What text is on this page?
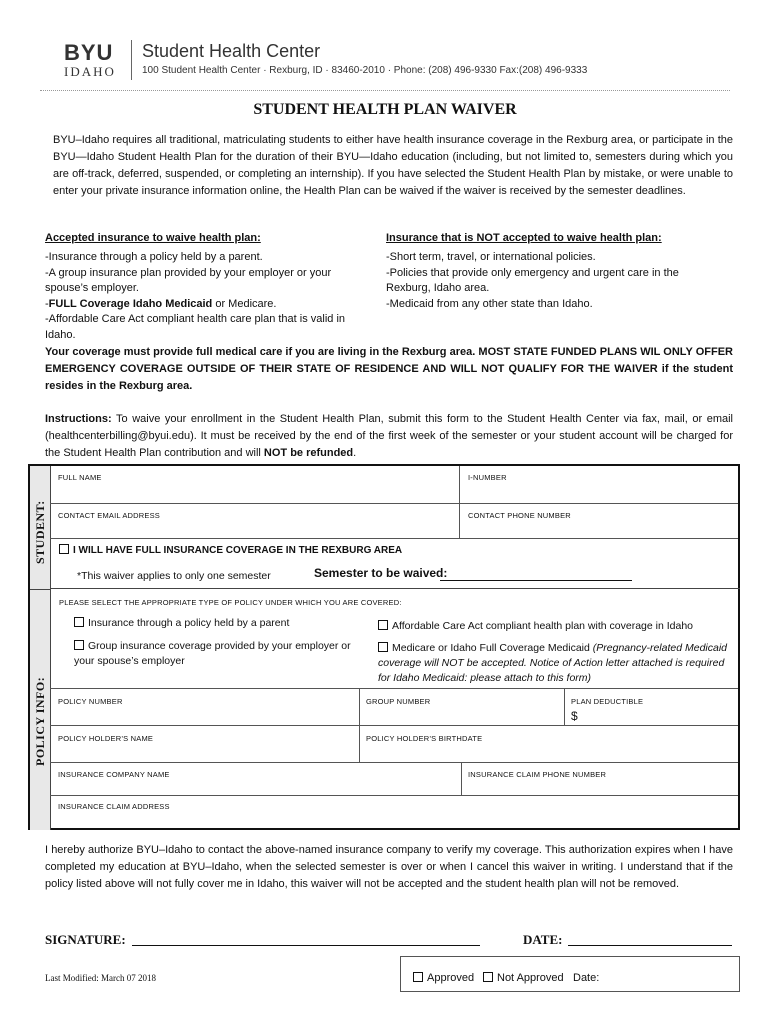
BYU
IDAHO
Student Health Center
100 Student Health Center · Rexburg, ID · 83460-2010 · Phone: (208) 496-9330 Fax:(208) 496-9333
STUDENT HEALTH PLAN WAIVER
BYU–Idaho requires all traditional, matriculating students to either have health insurance coverage in the Rexburg area, or participate in the BYU—Idaho Student Health Plan for the duration of their BYU—Idaho education (including, but not limited to, semesters during which you are off-track, deferred, suspended, or completing an internship). If you have selected the Student Health Plan by mistake, or were unable to enter your private insurance information online, the Health Plan can be waived if the waiver is received by the semester deadlines.
Accepted insurance to waive health plan:
-Insurance through a policy held by a parent.
-A group insurance plan provided by your employer or your spouse’s employer.
-FULL Coverage Idaho Medicaid or Medicare.
-Affordable Care Act compliant health care plan that is valid in Idaho.
Insurance that is NOT accepted to waive health plan:
-Short term, travel, or international policies.
-Policies that provide only emergency and urgent care in the Rexburg, Idaho area.
-Medicaid from any other state than Idaho.
Your coverage must provide full medical care if you are living in the Rexburg area. MOST STATE FUNDED PLANS WIL ONLY OFFER EMERGENCY COVERAGE OUTSIDE OF THEIR STATE OF RESIDENCE AND WILL NOT QUALIFY FOR THE WAIVER if the student resides in the Rexburg area.
Instructions: To waive your enrollment in the Student Health Plan, submit this form to the Student Health Center via fax, mail, or email (healthcenterbilling@byui.edu). It must be received by the end of the first week of the semester or your student account will be charged for the Student Health Plan contribution and will NOT be refunded.
STUDENT:
POLICY INFO:
FULL NAME	I-NUMBER
CONTACT EMAIL ADDRESS	CONTACT PHONE NUMBER
I WILL HAVE FULL INSURANCE COVERAGE IN THE REXBURG AREA
*This waiver applies to only one semester	Semester to be waived:
PLEASE SELECT THE APPROPRIATE TYPE OF POLICY UNDER WHICH YOU ARE COVERED:
Insurance through a policy held by a parent
Group insurance coverage provided by your employer or your spouse’s employer
Affordable Care Act compliant health plan with coverage in Idaho
Medicare or Idaho Full Coverage Medicaid (Pregnancy-related Medicaid coverage will NOT be accepted. Notice of Action letter attached is required for Idaho Medicaid: please attach to this form)
POLICY NUMBER	GROUP NUMBER	PLAN DEDUCTIBLE
$
POLICY HOLDER’S NAME	POLICY HOLDER’S BIRTHDATE
INSURANCE COMPANY NAME	INSURANCE CLAIM PHONE NUMBER
INSURANCE CLAIM ADDRESS
I hereby authorize BYU–Idaho to contact the above-named insurance company to verify my coverage. This authorization expires when I have completed my education at BYU–Idaho, when the selected semester is over or when I cancel this waiver in writing. I understand that if the policy listed above will not fully cover me in Idaho, this waiver will not be accepted and the student health plan will not be removed.
SIGNATURE:	DATE:
Last Modified: March 07 2018	Approved	Not Approved Date:
